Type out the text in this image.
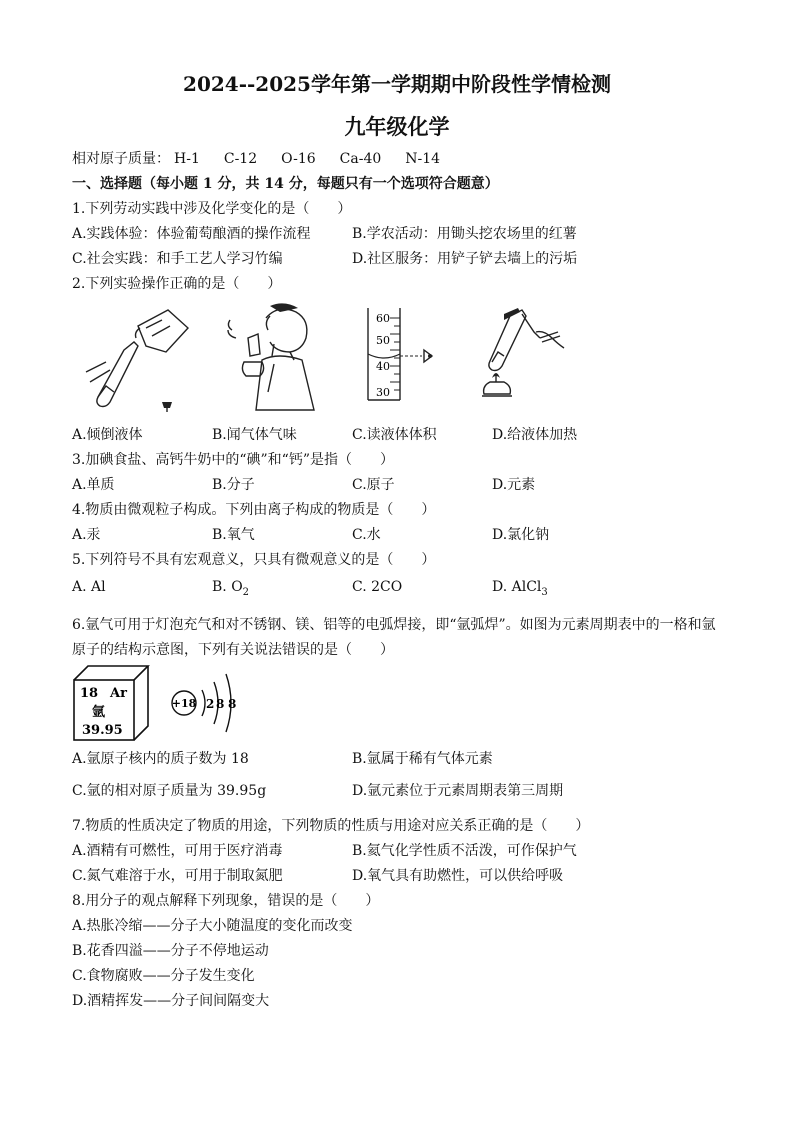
2024--2025学年第一学期期中阶段性学情检测
九年级化学
相对原子质量： H-1 C-12 O-16 Ca-40 N-14
一、选择题（每小题 1 分，共 14 分，每题只有一个选项符合题意）
1.下列劳动实践中涉及化学变化的是（　　）
A.实践体验：体验葡萄酿酒的操作流程	B.学农活动：用锄头挖农场里的红薯
C.社会实践：和手工艺人学习竹编	D.社区服务：用铲子铲去墙上的污垢
2.下列实验操作正确的是（　　）
60
50
40
30
A.倾倒液体	B.闻气体气味	C.读液体体积	D.给液体加热
3.加碘食盐、高钙牛奶中的“碘”和“钙”是指（　　）
A.单质	B.分子	C.原子	D.元素
4.物质由微观粒子构成。下列由离子构成的物质是（　　）
A.汞	B.氧气	C.水	D.氯化钠
5.下列符号不具有宏观意义，只具有微观意义的是（　　）
A. Al	B. $O_2$	C. 2CO	D. AlCl$_3$
6.氩气可用于灯泡充气和对不锈钢、镁、铝等的电弧焊接，即“氩弧焊”。如图为元素周期表中的一格和氩
原子的结构示意图，下列有关说法错误的是（　　）
18 Ar
氩
39.95
+18 2 8 8
A.氩原子核内的质子数为 18	B.氩属于稀有气体元素
C.氩的相对原子质量为 39.95g	D.氩元素位于元素周期表第三周期
7.物质的性质决定了物质的用途，下列物质的性质与用途对应关系正确的是（　　）
A.酒精有可燃性，可用于医疗消毒	B.氦气化学性质不活泼，可作保护气
C.氮气难溶于水，可用于制取氮肥	D.氧气具有助燃性，可以供给呼吸
8.用分子的观点解释下列现象，错误的是（　　）
A.热胀冷缩——分子大小随温度的变化而改变
B.花香四溢——分子不停地运动
C.食物腐败——分子发生变化
D.酒精挥发——分子间间隔变大
